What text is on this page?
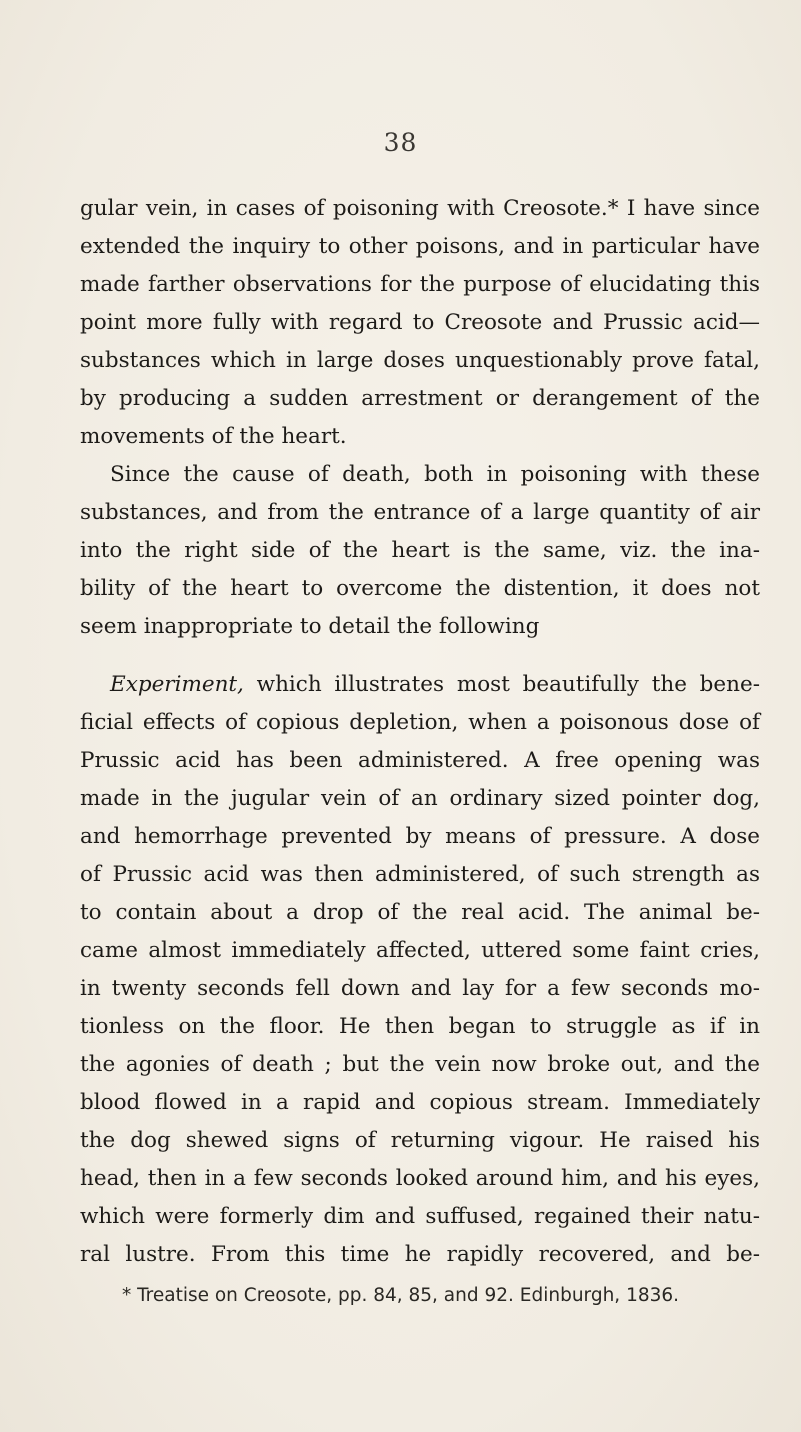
38
gular vein, in cases of poisoning with Creosote.* I have since
extended the inquiry to other poisons, and in particular have
made farther observations for the purpose of elucidating this
point more fully with regard to Creosote and Prussic acid—
substances which in large doses unquestionably prove fatal,
by producing a sudden arrestment or derangement of the
movements of the heart.
Since the cause of death, both in poisoning with these
substances, and from the entrance of a large quantity of air
into the right side of the heart is the same, viz. the ina-
bility of the heart to overcome the distention, it does not
seem inappropriate to detail the following
Experiment, which illustrates most beautifully the bene-
ficial effects of copious depletion, when a poisonous dose of
Prussic acid has been administered. A free opening was
made in the jugular vein of an ordinary sized pointer dog,
and hemorrhage prevented by means of pressure. A dose
of Prussic acid was then administered, of such strength as
to contain about a drop of the real acid. The animal be-
came almost immediately affected, uttered some faint cries,
in twenty seconds fell down and lay for a few seconds mo-
tionless on the floor. He then began to struggle as if in
the agonies of death ; but the vein now broke out, and the
blood flowed in a rapid and copious stream. Immediately
the dog shewed signs of returning vigour. He raised his
head, then in a few seconds looked around him, and his eyes,
which were formerly dim and suffused, regained their natu-
ral lustre. From this time he rapidly recovered, and be-
* Treatise on Creosote, pp. 84, 85, and 92. Edinburgh, 1836.
